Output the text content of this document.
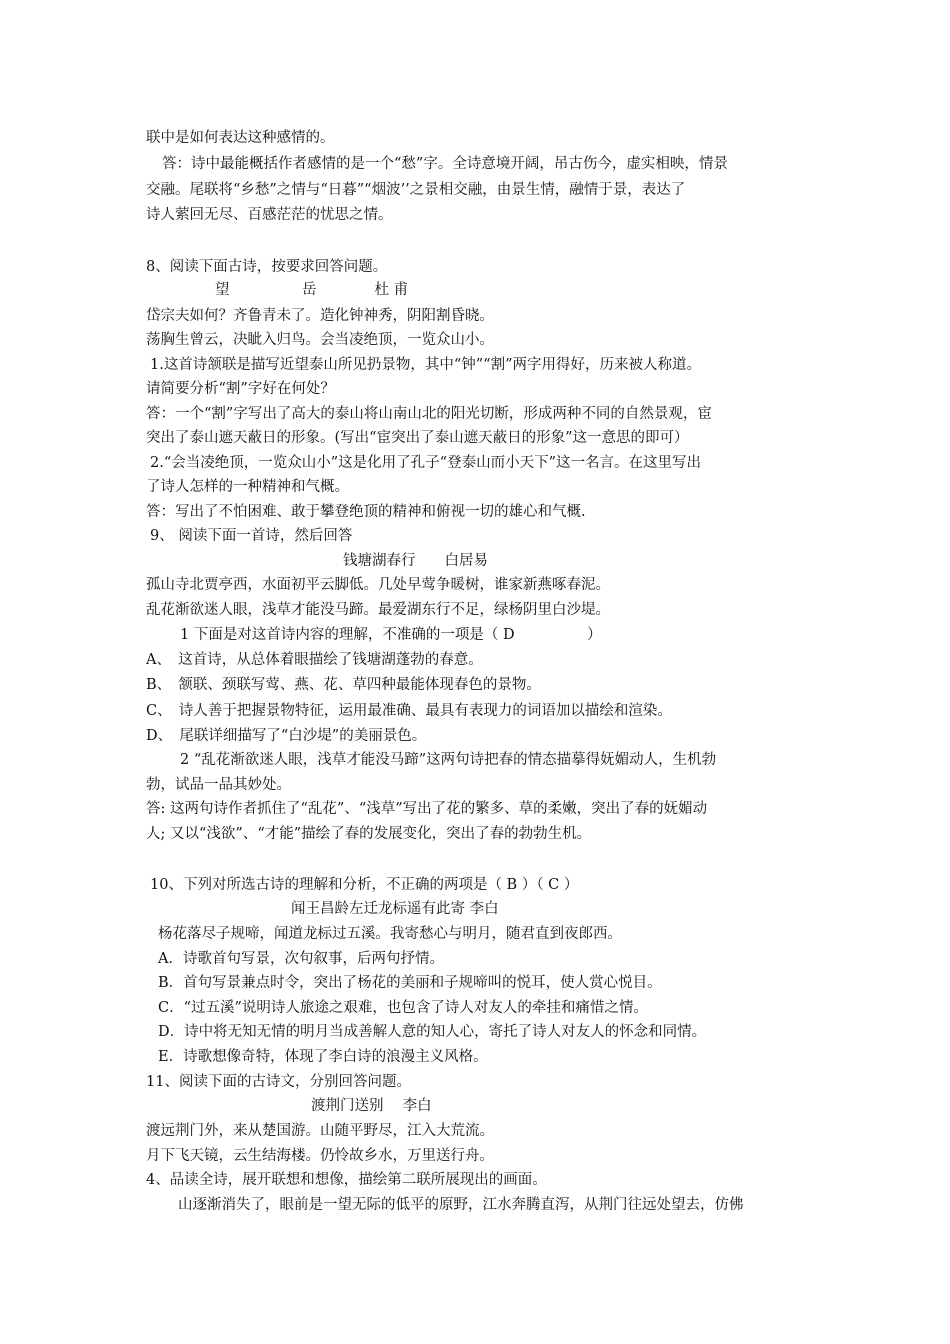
联中是如何表达这种感情的。
答：诗中最能概括作者感情的是一个“愁”字。全诗意境开阔，吊古伤今，虚实相映，情景
交融。尾联将“乡愁”之情与“日暮”“烟波’’之景相交融，由景生情，融情于景，表达了
诗人萦回无尽、百感茫茫的忧思之情。
8、阅读下面古诗，按要求回答问题。
望　　　　　岳　　　　杜 甫
岱宗夫如何？齐鲁青未了。造化钟神秀，阴阳割昏晓。
荡胸生曾云，决眦入归鸟。会当凌绝顶，一览众山小。
1.这首诗颔联是描写近望泰山所见扔景物，其中“钟”“割”两字用得好，历来被人称道。
请简要分析“割”字好在何处？
答：一个“割”字写出了高大的泰山将山南山北的阳光切断，形成两种不同的自然景观，宦
突出了泰山遮天蔽日的形象。(写出“宦突出了泰山遮天蔽日的形象”这一意思的即可）
2.“会当凌绝顶，一览众山小”这是化用了孔子“登泰山而小天下”这一名言。在这里写出
了诗人怎样的一种精神和气概。
答：写出了不怕困难、敢于攀登绝顶的精神和俯视一切的雄心和气概.
9、 阅读下面一首诗，然后回答
钱塘湖春行　　白居易
孤山寺北贾亭西，水面初平云脚低。几处早莺争暖树，谁家新燕啄春泥。
乱花渐欲迷人眼，浅草才能没马蹄。最爱湖东行不足，绿杨阴里白沙堤。
1 下面是对这首诗内容的理解，不准确的一项是（ D　　　　　）
A、　这首诗，从总体着眼描绘了钱塘湖蓬勃的春意。
B、　颔联、颈联写莺、燕、花、草四种最能体现春色的景物。
C、　诗人善于把握景物特征，运用最准确、最具有表现力的词语加以描绘和渲染。
D、　尾联详细描写了“白沙堤”的美丽景色。
2 “乱花渐欲迷人眼，浅草才能没马蹄”这两句诗把春的情态描摹得妩媚动人，生机勃
勃，试品一品其妙处。
答: 这两句诗作者抓住了“乱花”、“浅草”写出了花的繁多、草的柔嫩，突出了春的妩媚动
人; 又以“浅欲”、“才能”描绘了春的发展变化，突出了春的勃勃生机。
10、下列对所选古诗的理解和分析，不正确的两项是（ B ）（ C ）
闻王昌龄左迁龙标遥有此寄 李白
杨花落尽子规啼，闻道龙标过五溪。我寄愁心与明月，随君直到夜郎西。
A．诗歌首句写景，次句叙事，后两句抒情。
B．首句写景兼点时令，突出了杨花的美丽和子规啼叫的悦耳，使人赏心悦目。
C．“过五溪”说明诗人旅途之艰难，也包含了诗人对友人的牵挂和痛惜之情。
D．诗中将无知无情的明月当成善解人意的知人心，寄托了诗人对友人的怀念和同情。
E．诗歌想像奇特，体现了李白诗的浪漫主义风格。
11、阅读下面的古诗文，分别回答问题。
渡荆门送别　 李白
渡远荆门外，来从楚国游。山随平野尽，江入大荒流。
月下飞天镜，云生结海楼。仍怜故乡水，万里送行舟。
4、品读全诗，展开联想和想像，描绘第二联所展现出的画面。
山逐渐消失了，眼前是一望无际的低平的原野，江水奔腾直泻，从荆门往远处望去，仿佛
